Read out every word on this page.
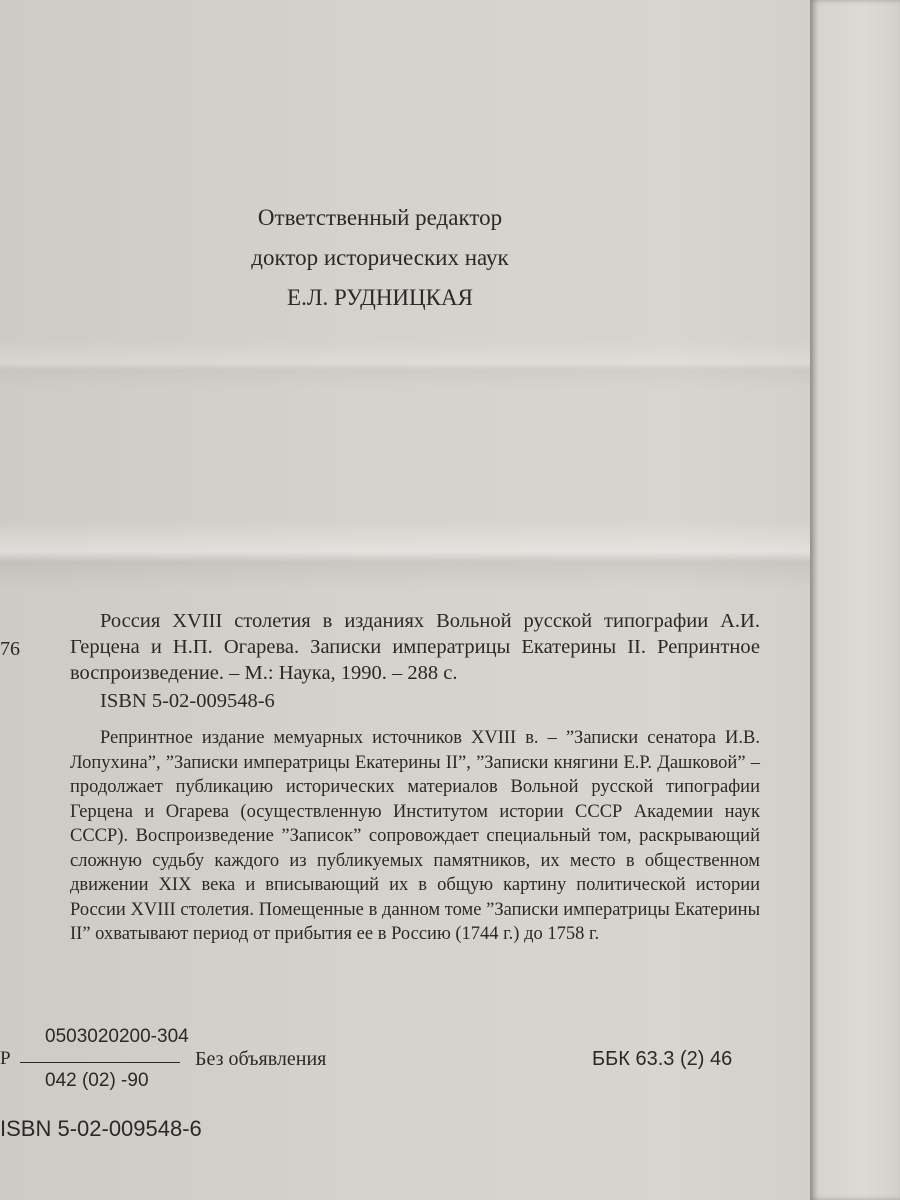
Ответственный редактор
доктор исторических наук
Е.Л. РУДНИЦКАЯ
76

Россия XVIII столетия в изданиях Вольной русской типографии А.И. Герцена и Н.П. Огарева. Записки императрицы Екатерины II. Репринтное воспроизведение. – М.: Наука, 1990. – 288 с.

ISBN 5-02-009548-6

Репринтное издание мемуарных источников XVIII в. – ”Записки сенатора И.В. Лопухина”, ”Записки императрицы Екатерины II”, ”Записки княгини Е.Р. Дашковой” – продолжает публикацию исторических материалов Вольной русской типографии Герцена и Огарева (осуществленную Институтом истории СССР Академии наук СССР). Воспроизведение ”Записок” сопровождает специальный том, раскрывающий сложную судьбу каждого из публикуемых памятников, их место в общественном движении XIX века и вписывающий их в общую картину политической истории России XVIII столетия. Помещенные в данном томе ”Записки императрицы Екатерины II” охватывают период от прибытия ее в Россию (1744 г.) до 1758 г.

0503020200-304
042 (02) -90
Р	Без объявления	ББК 63.3 (2) 46
ISBN 5-02-009548-6
